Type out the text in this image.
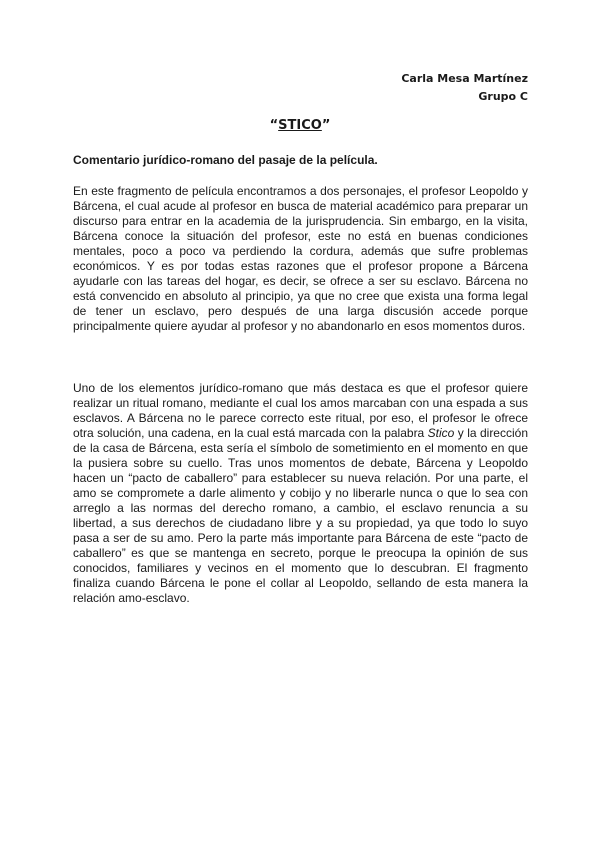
Carla Mesa Martínez
Grupo C
“STICO”

Comentario jurídico-romano del pasaje de la película.

En este fragmento de película encontramos a dos personajes, el profesor Leopoldo y Bárcena, el cual acude al profesor en busca de material académico para preparar un discurso para entrar en la academia de la jurisprudencia. Sin embargo, en la visita, Bárcena conoce la situación del profesor, este no está en buenas condiciones mentales, poco a poco va perdiendo la cordura, además que sufre problemas económicos. Y es por todas estas razones que el profesor propone a Bárcena ayudarle con las tareas del hogar, es decir, se ofrece a ser su esclavo. Bárcena no está convencido en absoluto al principio, ya que no cree que exista una forma legal de tener un esclavo, pero después de una larga discusión accede porque principalmente quiere ayudar al profesor y no abandonarlo en esos momentos duros.

Uno de los elementos jurídico-romano que más destaca es que el profesor quiere realizar un ritual romano, mediante el cual los amos marcaban con una espada a sus esclavos. A Bárcena no le parece correcto este ritual, por eso, el profesor le ofrece otra solución, una cadena, en la cual está marcada con la palabra Stico y la dirección de la casa de Bárcena, esta sería el símbolo de sometimiento en el momento en que la pusiera sobre su cuello. Tras unos momentos de debate, Bárcena y Leopoldo hacen un “pacto de caballero” para establecer su nueva relación. Por una parte, el amo se compromete a darle alimento y cobijo y no liberarle nunca o que lo sea con arreglo a las normas del derecho romano, a cambio, el esclavo renuncia a su libertad, a sus derechos de ciudadano libre y a su propiedad, ya que todo lo suyo pasa a ser de su amo. Pero la parte más importante para Bárcena de este “pacto de caballero” es que se mantenga en secreto, porque le preocupa la opinión de sus conocidos, familiares y vecinos en el momento que lo descubran. El fragmento finaliza cuando Bárcena le pone el collar al Leopoldo, sellando de esta manera la relación amo-esclavo.
